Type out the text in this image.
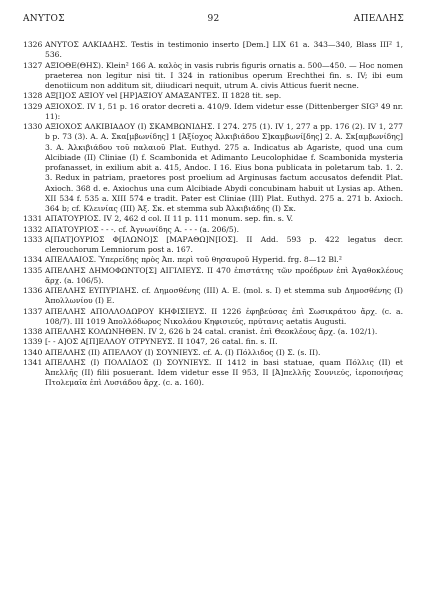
ΑΝΥΤΟΣ	92	ΑΠΕΛΛΗΣ

1326 ΑΝΥΤΟΣ ΑΛΚΙΑΔΗΣ. Testis in testimonio inserto [Dem.] LIX 61 a. 343—340, Blass III² 1, 536.

1327 ΑΞΙΟΘΕ(ΘΗΣ). Klein² 166 A. καλὸς in vasis rubris figuris ornatis a. 500—450. — Hoc nomen praeterea non legitur nisi tit. I 324 in rationibus operum Erechthei fin. s. IV; ibi eum denotiicum non additum sit, diiudicari nequit, utrum A. civis Atticus fuerit necne.

1328 ΑΞ[Ι]ΟΣ ΑΞΙΟΥ vel [ΗΡ]ΑΞΙΟΥ ΑΜΑΞΑΝΤΕΣ. II 1828 tit. sep.

1329 ΑΞΙΟΧΟΣ. IV 1, 51 p. 16 orator decreti a. 410/9. Idem videtur esse (Dittenberger SIG³ 49 nr. 11):

1330 ΑΞΙΟΧΟΣ ΑΛΚΙΒΙΑΔΟΥ (I) ΣΚΑΜΒΩΝΙΔΗΣ. I 274. 275 (1). IV 1, 277 a pp. 176 (2). IV 1, 277 b p. 73 (3). Α. Α. Σκα[μβωνίδης] 1 [Ἀξίοχος Ἀλκιβιάδου Σ]καμβωνί[δης] 2. Α. Σκ[αμβωνίδης] 3. Α. Ἀλκιβιάδου τοῦ παλαιοῦ Plat. Euthyd. 275 a. Indicatus ab Agariste, quod una cum Alcibiade (II) Cliniae (I) f. Scambonida et Adimanto Leucolophidae f. Scambonida mysteria profanasset, in exilium abit a. 415, Andoc. I 16. Eius bona publicata in poletarum tab. 1. 2. 3. Redux in patriam, praetores post proelium ad Arginusas factum accusatos defendit Plat. Axioch. 368 d. e. Axiochus una cum Alcibiade Abydi concubinam habuit ut Lysias ap. Athen. XII 534 f. 535 a. XIII 574 e tradit. Pater est Cliniae (III) Plat. Euthyd. 275 a. 271 b. Axioch. 364 b; cf. Κλεινίας (III) Ἀξ. Σκ. et stemma sub Ἀλκιβιάδης (I) Σκ.

1331 ΑΠΑΤΟΥΡΙΟΣ. IV 2, 462 d col. II 11 p. 111 monum. sep. fin. s. V.

1332 ΑΠΑΤΟΥΡΙΟΣ - - -. cf. Ἀγνωνίδης A. - - - (a. 206/5).

1333 Α[ΠΑΤ]ΟΥΡΙΟΣ Φ[ΙΛΩΝΟ]Σ [ΜΑΡΑΘΩ]Ν[ΙΟΣ]. II Add. 593 p. 422 legatus decr. clerouchorum Lemniorum post a. 167.

1334 ΑΠΕΛΛΑΙΟΣ. Ὑπερείδης πρὸς Ἀπ. περὶ τοῦ θησαυροῦ Hyperid. frg. 8—12 Bl.²

1335 ΑΠΕΛΛΗΣ ΔΗΜΟΦΩΝΤΟ[Σ] ΑΙΓΙΛΙΕΥΣ. II 470 ἐπιστάτης τῶν προέδρων ἐπὶ Ἀγαθοκλέους ἄρχ. (a. 106/5).

1336 ΑΠΕΛΛΗΣ ΕΥΠΥΡΙΔΗΣ. cf. Δημοσθένης (III) Α. Ε. (mol. s. I) et stemma sub Δημοσθένης (I) Ἀπολλωνίου (I) Ε.

1337 ΑΠΕΛΛΗΣ ΑΠΟΛΛΟΔΩΡΟΥ ΚΗΦΙΣΙΕΥΣ. II 1226 ἐφηβεύσας ἐπὶ Σωσικράτου ἄρχ. (c. a. 108/7). III 1019 Ἀπολλόδωρος Νικολάου Κηφισιεύς, πρύτανις aetatis Augusti.

1338 ΑΠΕΛΛΗΣ ΚΟΛΩΝΗΘΕΝ. IV 2, 626 b 24 catal. cranist. ἐπὶ Θεοκλέους ἄρχ. (a. 102/1).

1339 [- - Α]ΟΣ Α[Π]ΕΛΛΟΥ ΟΤΡΥΝΕΥΣ. II 1047, 26 catal. fin. s. II.

1340 ΑΠΕΛΛΗΣ (II) ΑΠΕΛΛΟΥ (I) ΣΟΥΝΙΕΥΣ. cf. Α. (I) Πόλλιδος (I) Σ. (s. II).

1341 ΑΠΕΛΛΗΣ (I) ΠΟΛΛΙΔΟΣ (I) ΣΟΥΝΙΕΥΣ. II 1412 in basi statuae, quam Πόλλις (II) et Ἀπελλῆς (II) filii posuerant. Idem videtur esse II 953, II [Ἀ]πελλῆς Σουνιεύς, ἱεροποιήσας Πτολεμαῖα ἐπὶ Λυσιάδου ἄρχ. (c. a. 160).
